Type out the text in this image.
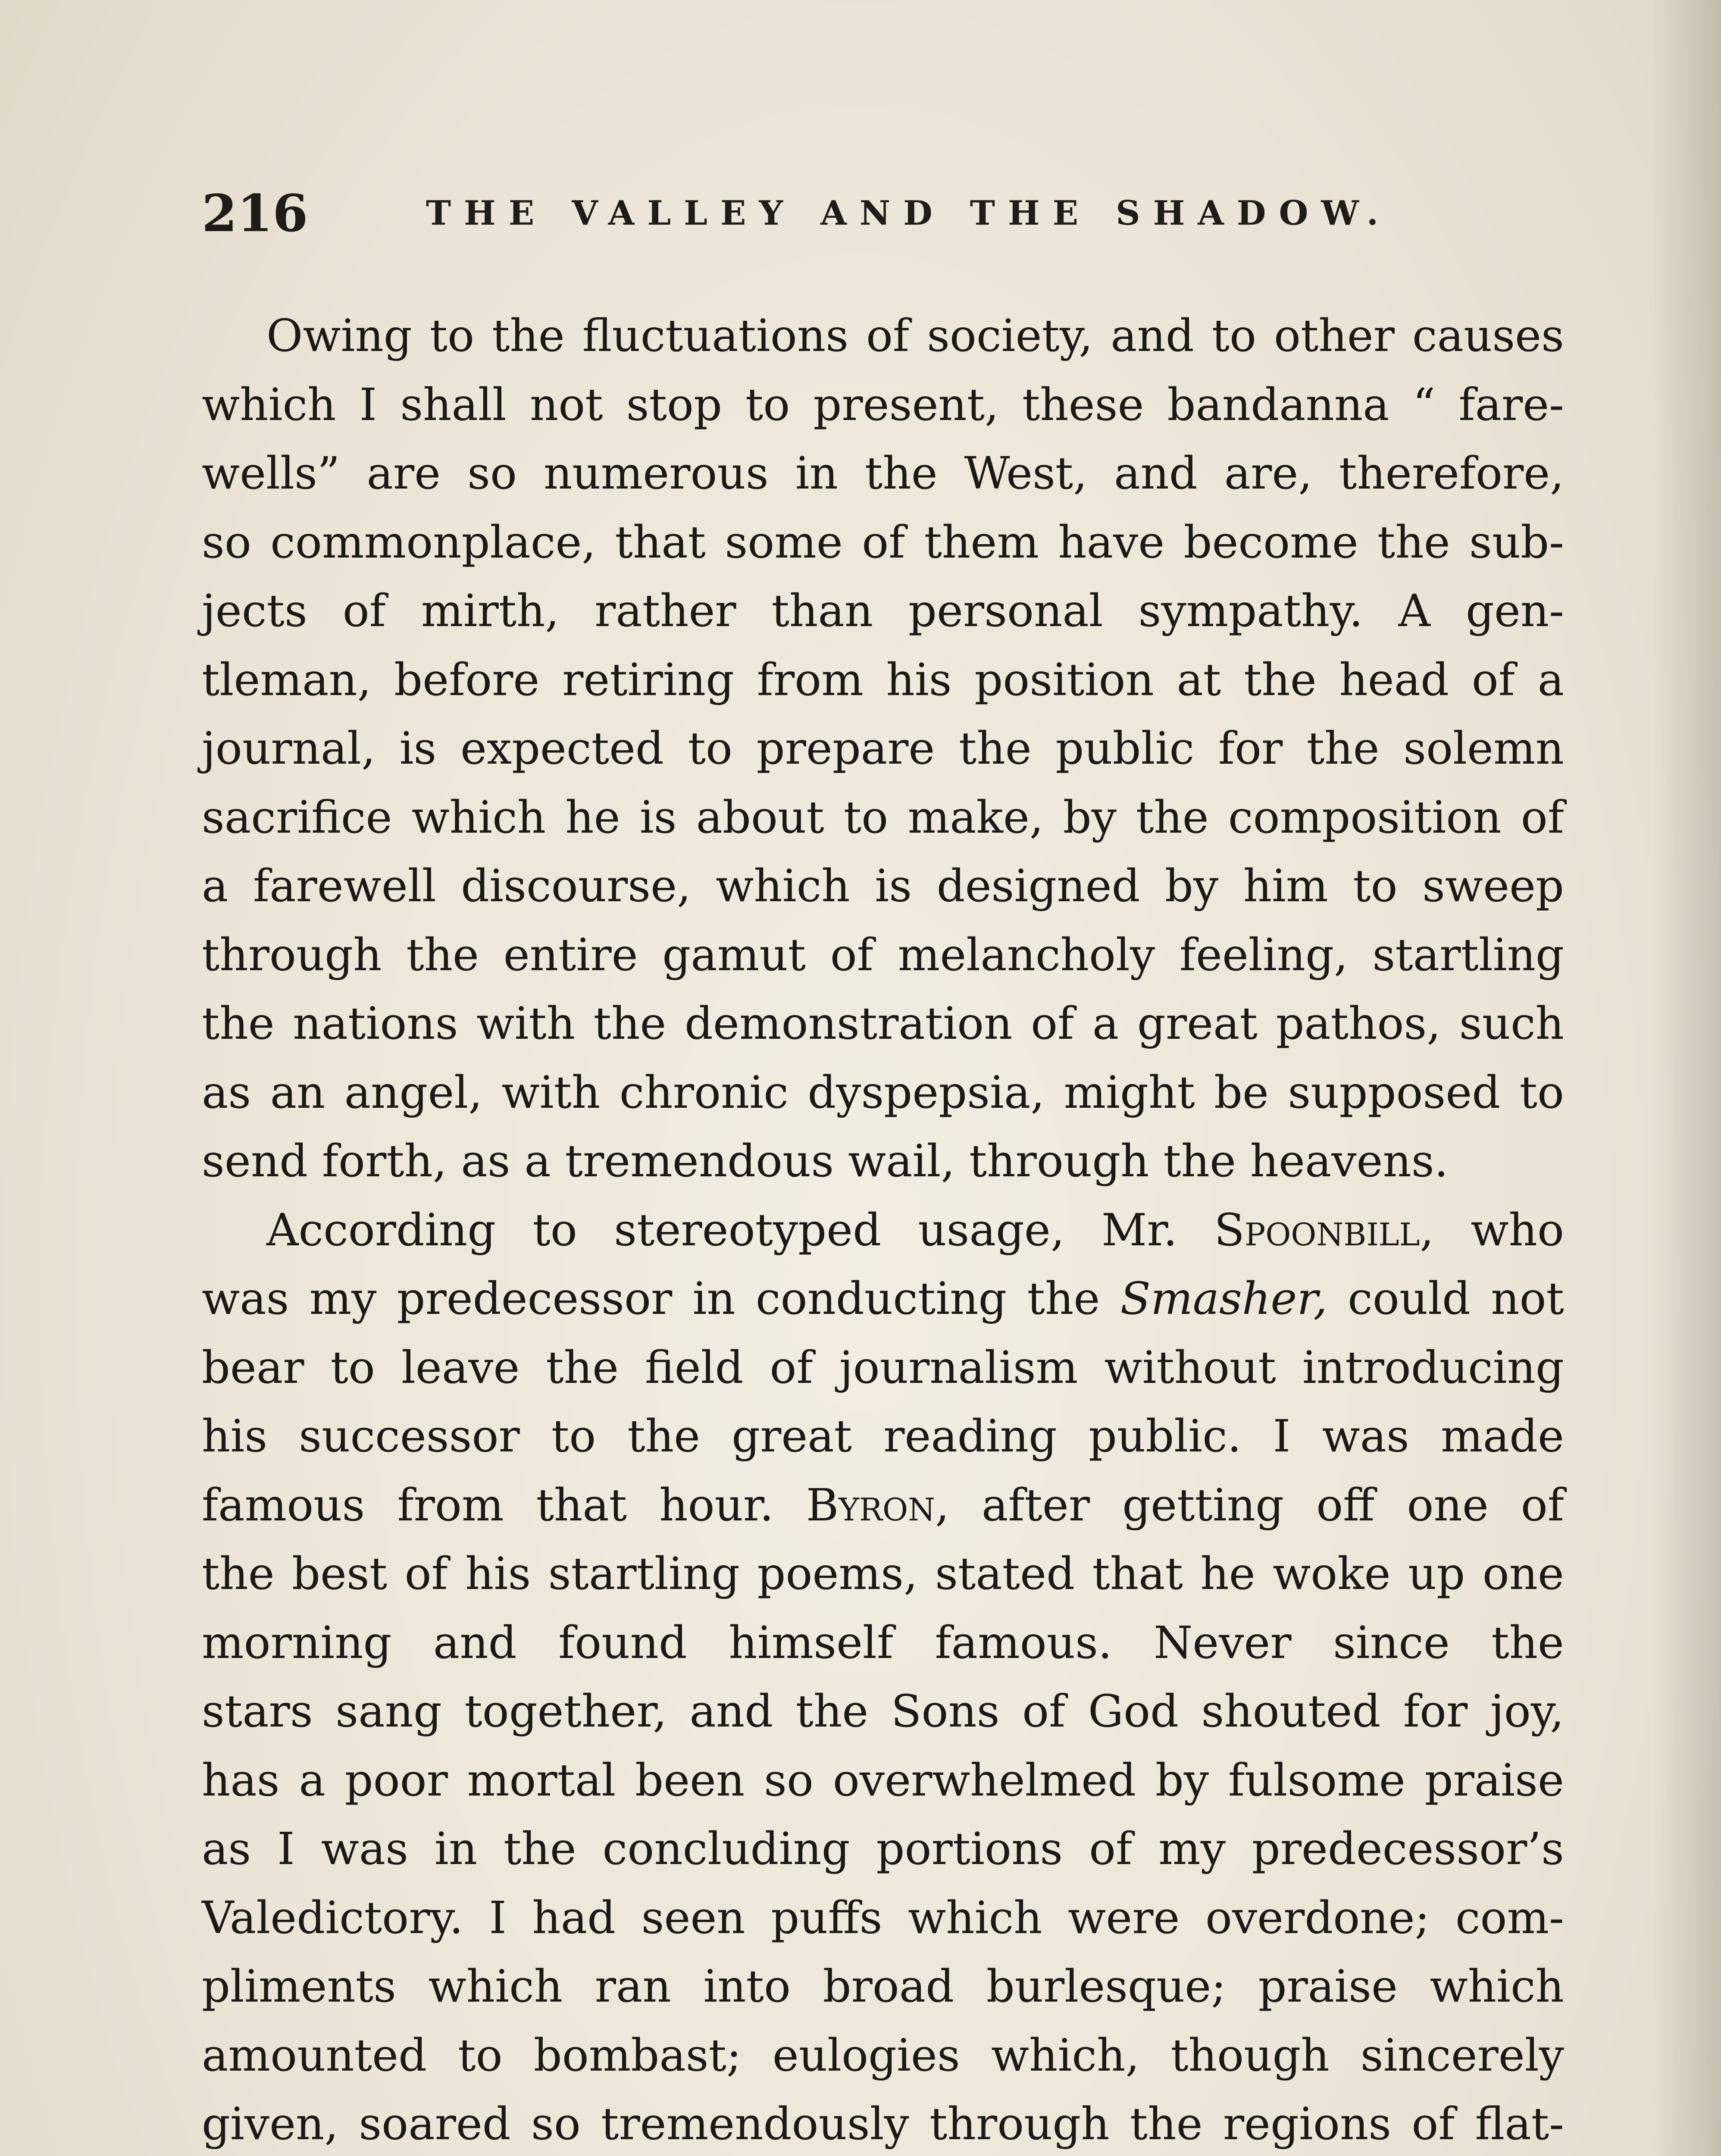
216	THE VALLEY AND THE SHADOW.
Owing to the fluctuations of society, and to other causes
which I shall not stop to present, these bandanna “ fare-
wells” are so numerous in the West, and are, therefore,
so commonplace, that some of them have become the sub-
jects of mirth, rather than personal sympathy. A gen-
tleman, before retiring from his position at the head of a
journal, is expected to prepare the public for the solemn
sacrifice which he is about to make, by the composition of
a farewell discourse, which is designed by him to sweep
through the entire gamut of melancholy feeling, startling
the nations with the demonstration of a great pathos, such
as an angel, with chronic dyspepsia, might be supposed to
send forth, as a tremendous wail, through the heavens.
According to stereotyped usage, Mr. Spoonbill, who
was my predecessor in conducting the Smasher, could not
bear to leave the field of journalism without introducing
his successor to the great reading public. I was made
famous from that hour. Byron, after getting off one of
the best of his startling poems, stated that he woke up one
morning and found himself famous. Never since the
stars sang together, and the Sons of God shouted for joy,
has a poor mortal been so overwhelmed by fulsome praise
as I was in the concluding portions of my predecessor’s
Valedictory. I had seen puffs which were overdone; com-
pliments which ran into broad burlesque; praise which
amounted to bombast; eulogies which, though sincerely
given, soared so tremendously through the regions of flat-
